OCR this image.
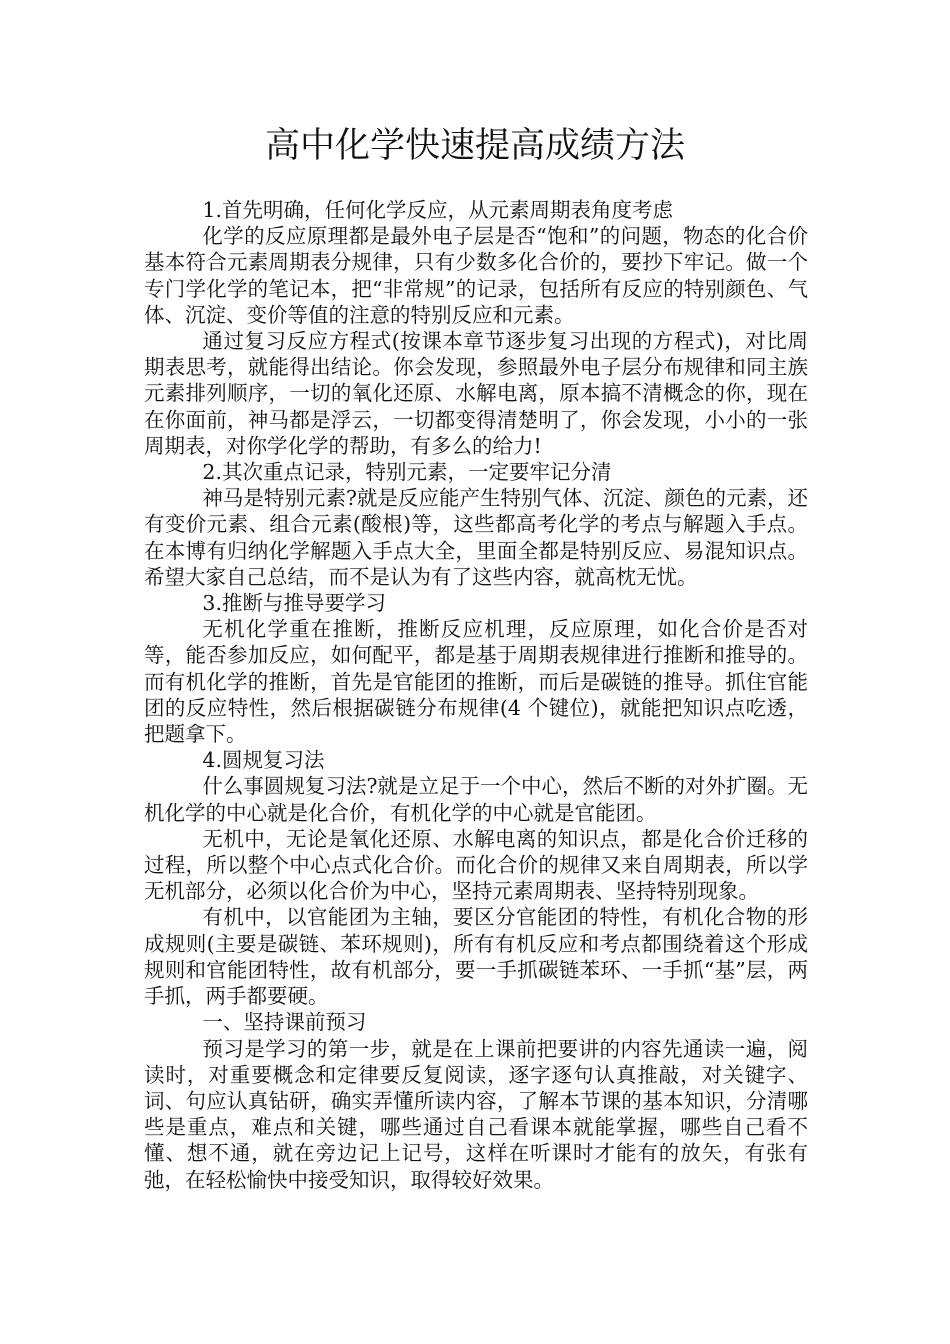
高中化学快速提高成绩方法

1.首先明确，任何化学反应，从元素周期表角度考虑

化学的反应原理都是最外电子层是否“饱和”的问题，物态的化合价基本符合元素周期表分规律，只有少数多化合价的，要抄下牢记。做一个专门学化学的笔记本，把“非常规”的记录，包括所有反应的特别颜色、气体、沉淀、变价等值的注意的特别反应和元素。

通过复习反应方程式(按课本章节逐步复习出现的方程式)，对比周期表思考，就能得出结论。你会发现，参照最外电子层分布规律和同主族元素排列顺序，一切的氧化还原、水解电离，原本搞不清概念的你，现在在你面前，神马都是浮云，一切都变得清楚明了，你会发现，小小的一张周期表，对你学化学的帮助，有多么的给力!

2.其次重点记录，特别元素，一定要牢记分清

神马是特别元素?就是反应能产生特别气体、沉淀、颜色的元素，还有变价元素、组合元素(酸根)等，这些都高考化学的考点与解题入手点。在本博有归纳化学解题入手点大全，里面全都是特别反应、易混知识点。希望大家自己总结，而不是认为有了这些内容，就高枕无忧。

3.推断与推导要学习

无机化学重在推断，推断反应机理，反应原理，如化合价是否对等，能否参加反应，如何配平，都是基于周期表规律进行推断和推导的。而有机化学的推断，首先是官能团的推断，而后是碳链的推导。抓住官能团的反应特性，然后根据碳链分布规律(4 个键位)，就能把知识点吃透，把题拿下。

4.圆规复习法

什么事圆规复习法?就是立足于一个中心，然后不断的对外扩圈。无机化学的中心就是化合价，有机化学的中心就是官能团。

无机中，无论是氧化还原、水解电离的知识点，都是化合价迁移的过程，所以整个中心点式化合价。而化合价的规律又来自周期表，所以学无机部分，必须以化合价为中心，坚持元素周期表、坚持特别现象。

有机中，以官能团为主轴，要区分官能团的特性，有机化合物的形成规则(主要是碳链、苯环规则)，所有有机反应和考点都围绕着这个形成规则和官能团特性，故有机部分，要一手抓碳链苯环、一手抓“基”层，两手抓，两手都要硬。

一、坚持课前预习

预习是学习的第一步，就是在上课前把要讲的内容先通读一遍，阅读时，对重要概念和定律要反复阅读，逐字逐句认真推敲，对关键字、词、句应认真钻研，确实弄懂所读内容，了解本节课的基本知识，分清哪些是重点，难点和关键，哪些通过自己看课本就能掌握，哪些自己看不懂、想不通，就在旁边记上记号，这样在听课时才能有的放矢，有张有弛，在轻松愉快中接受知识，取得较好效果。
